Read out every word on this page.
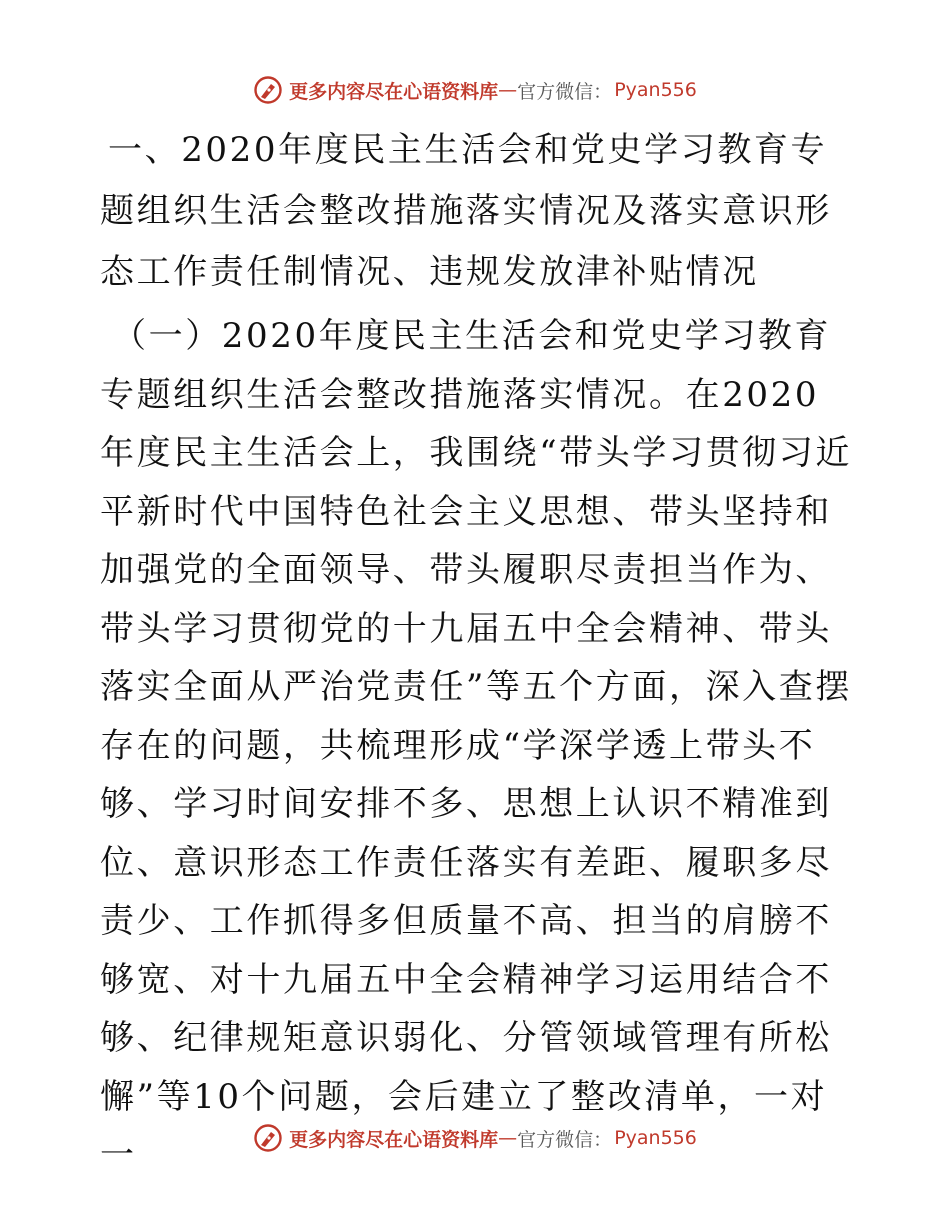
更多内容尽在心语资料库 — 官方微信： Pyan556
一、2020年度民主生活会和党史学习教育专题组织生活会整改措施落实情况及落实意识形态工作责任制情况、违规发放津补贴情况

（一）2020年度民主生活会和党史学习教育专题组织生活会整改措施落实情况。在2020年度民主生活会上，我围绕“带头学习贯彻习近平新时代中国特色社会主义思想、带头坚持和加强党的全面领导、带头履职尽责担当作为、带头学习贯彻党的十九届五中全会精神、带头落实全面从严治党责任”等五个方面，深入查摆存在的问题，共梳理形成“学深学透上带头不够、学习时间安排不多、思想上认识不精准到位、意识形态工作责任落实有差距、履职多尽责少、工作抓得多但质量不高、担当的肩膀不够宽、对十九届五中全会精神学习运用结合不够、纪律规矩意识弱化、分管领域管理有所松懈”等10个问题，会后建立了整改清单，一对一	更多内容尽在心语资料库 — 官方微信： Pyan556
